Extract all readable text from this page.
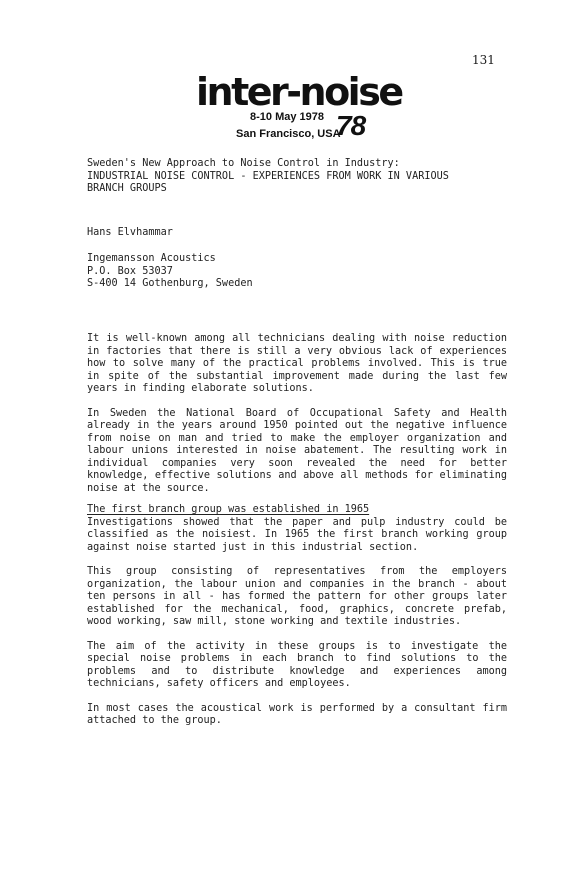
131
inter-noise
8-10 May 1978
San Francisco, USA
78
Sweden's New Approach to Noise Control in Industry:
INDUSTRIAL NOISE CONTROL - EXPERIENCES FROM WORK IN VARIOUS
BRANCH GROUPS
Hans Elvhammar
Ingemansson Acoustics
P.O. Box 53037
S-400 14 Gothenburg, Sweden

It is well-known among all technicians dealing with noise reduction in factories that there is still a very obvious lack of experiences how to solve many of the practical problems involved. This is true in spite of the substantial improvement made during the last few years in finding elaborate solutions.

In Sweden the National Board of Occupational Safety and Health already in the years around 1950 pointed out the negative influence from noise on man and tried to make the employer organization and labour unions interested in noise abatement. The resulting work in individual companies very soon revealed the need for better knowledge, effective solutions and above all methods for eliminating noise at the source.

The first branch group was established in 1965

Investigations showed that the paper and pulp industry could be classified as the noisiest. In 1965 the first branch working group against noise started just in this industrial section.

This group consisting of representatives from the employers organization, the labour union and companies in the branch - about ten persons in all - has formed the pattern for other groups later established for the mechanical, food, graphics, concrete prefab, wood working, saw mill, stone working and textile industries.

The aim of the activity in these groups is to investigate the special noise problems in each branch to find solutions to the problems and to distribute knowledge and experiences among technicians, safety officers and employees.

In most cases the acoustical work is performed by a consultant firm attached to the group.
